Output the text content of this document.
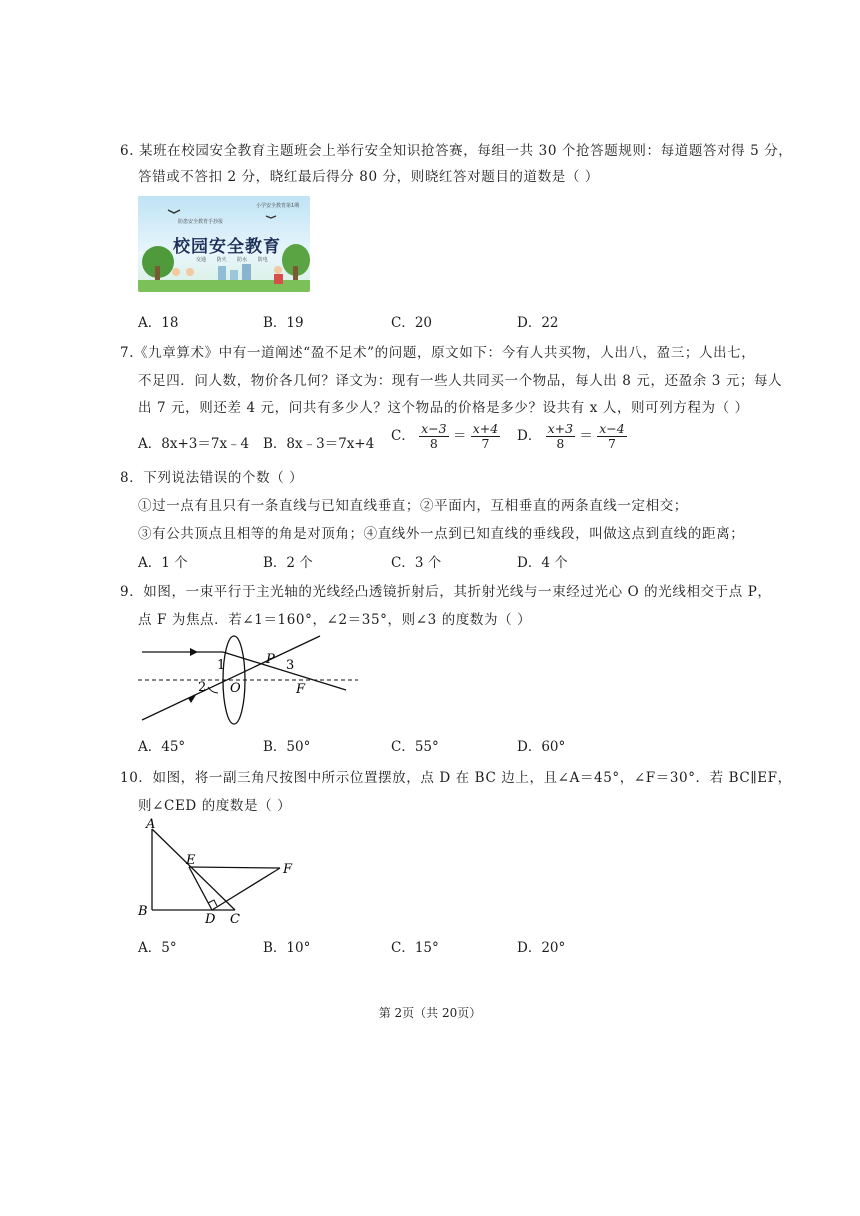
6. 某班在校园安全教育主题班会上举行安全知识抢答赛，每组一共 30 个抢答题规则：每道题答对得 5 分，
答错或不答扣 2 分，晓红最后得分 80 分，则晓红答对题目的道数是（ ）
防患安全教育手抄报
小学安全教育第1期
校园安全教育
交通 防火 防水 防电
A．18	B．19	C．20	D．22
7.《九章算术》中有一道阐述“盈不足术”的问题，原文如下：今有人共买物，人出八，盈三；人出七，
不足四．问人数，物价各几何？译文为：现有一些人共同买一个物品，每人出 8 元，还盈余 3 元；每人
出 7 元，则还差 4 元，问共有多少人？这个物品的价格是多少？设共有 x 人，则可列方程为（ ）
A．8x+3＝7x﹣4 B．8x﹣3＝7x+4 C． $\frac{x-3}{8} = \frac{x+4}{7}$ D． $\frac{x+3}{8} = \frac{x-4}{7}$
8．下列说法错误的个数（ ）
①过一点有且只有一条直线与已知直线垂直；②平面内，互相垂直的两条直线一定相交；
③有公共顶点且相等的角是对顶角；④直线外一点到已知直线的垂线段，叫做这点到直线的距离；
A．1 个	B．2 个	C．3 个	D．4 个
9．如图，一束平行于主光轴的光线经凸透镜折射后，其折射光线与一束经过光心 O 的光线相交于点 P，
点 F 为焦点．若∠1＝160°，∠2＝35°，则∠3 的度数为（ ）
1
2
3
O
P
F
A．45°	B．50°	C．55°	D．60°
10．如图，将一副三角尺按图中所示位置摆放，点 D 在 BC 边上，且∠A＝45°，∠F＝30°．若 BC∥EF，
则∠CED 的度数是（ ）
A
B
C
D
E
F
A．5°	B．10°	C．15°	D．20°
第 2页（共 20页）
